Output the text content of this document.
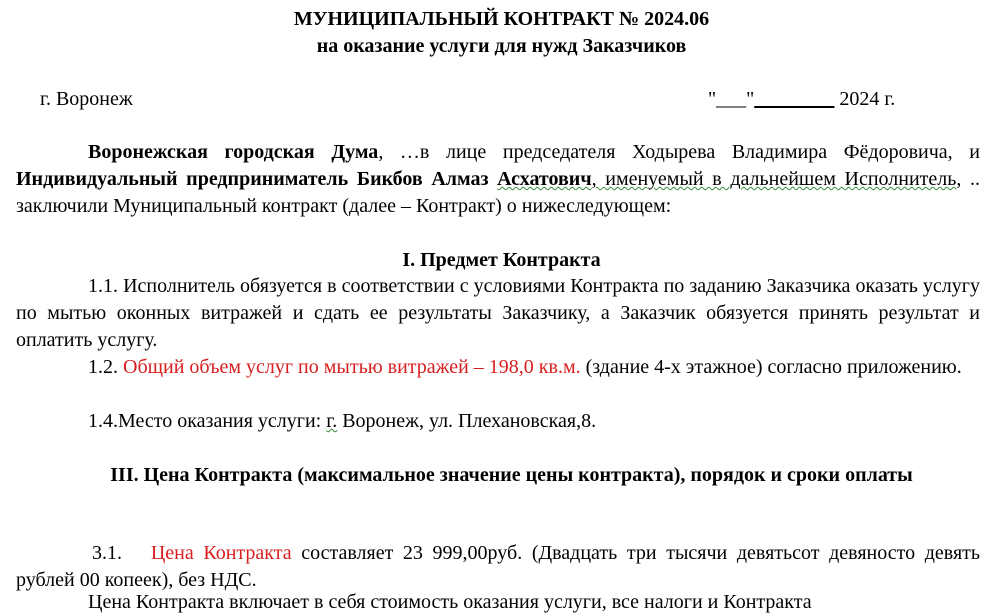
МУНИЦИПАЛЬНЫЙ КОНТРАКТ № 2024.06
на оказание услуги для нужд Заказчиков
г. Воронеж	"___"________ 2024 г.
Воронежская городская Дума, …в лице председателя Ходырева Владимира Фёдоровича, и Индивидуальный предприниматель Бикбов Алмаз Асхатович, именуемый в дальнейшем Исполнитель, .. заключили Муниципальный контракт (далее – Контракт) о нижеследующем:
I. Предмет Контракта
1.1. Исполнитель обязуется в соответствии с условиями Контракта по заданию Заказчика оказать услугу по мытью оконных витражей и сдать ее результаты Заказчику, а Заказчик обязуется принять результат и оплатить услугу.
1.2. Общий объем услуг по мытью витражей – 198,0 кв.м. (здание 4-х этажное) согласно приложению.
1.4.Место оказания услуги: г. Воронеж, ул. Плехановская,8.
III. Цена Контракта (максимальное значение цены контракта), порядок и сроки оплаты
3.1. Цена Контракта составляет 23 999,00руб. (Двадцать три тысячи девятьсот девяносто девять рублей 00 копеек), без НДС.
Цена Контракта включает в себя стоимость оказания услуги, все налоги и Контракта
